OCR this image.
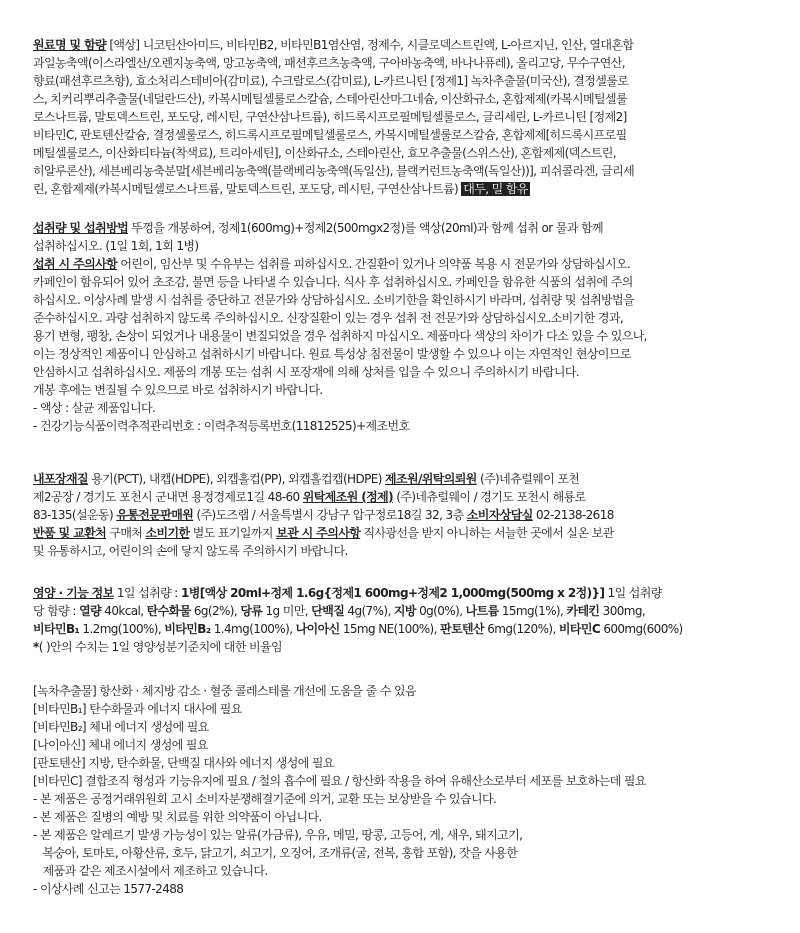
원료명 및 함량 [액상] 니코틴산아미드, 비타민B2, 비타민B1염산염, 정제수, 시클로덱스트린액, L-아르지닌, 인산, 열대혼합

과일농축액(이스라엘산/오렌지농축액, 망고농축액, 패션후르츠농축액, 구아바농축액, 바나나퓨레), 올리고당, 무수구연산,

향료(패션후르츠향), 효소처리스테비아(감미료), 수크랄로스(감미료), L-카르니틴 [정제1] 녹차추출물(미국산), 결정셀룰로

스, 치커리뿌리추출물(네덜란드산), 카복시메틸셀룰로스칼슘, 스테아린산마그네슘, 이산화규소, 혼합제제(카복시메틸셀룰

로스나트륨, 말토덱스트린, 포도당, 레시틴, 구연산삼나트륨), 히드록시프로필메틸셀룰로스, 글리세린, L-카르니틴 [정제2]

비타민C, 판토텐산칼슘, 결정셀룰로스, 히드록시프로필메틸셀룰로스, 카복시메틸셀룰로스칼슘, 혼합제제[히드록시프로필

메틸셀룰로스, 이산화티타늄(착색료), 트리아세틴], 이산화규소, 스테아린산, 효모추출물(스위스산), 혼합제제(덱스트린,

히알루론산), 세븐베리농축분말[세븐베리농축액(블랙베리농축액(독일산), 블랙커런트농축액(독일산))], 피쉬콜라겐, 글리세

린, 혼합제제(카복시메틸셀로스나트륨, 말토덱스트린, 포도당, 레시틴, 구연산삼나트륨) 대두, 밀 함유

섭취량 및 섭취방법 뚜껑을 개봉하여, 정제1(600mg)+정제2(500mgx2정)를 액상(20ml)과 함께 섭취 or 물과 함께

섭취하십시오. (1일 1회, 1회 1병)

섭취 시 주의사항 어린이, 임산부 및 수유부는 섭취를 피하십시오. 간질환이 있거나 의약품 복용 시 전문가와 상담하십시오.

카페인이 함유되어 있어 초조감, 불면 등을 나타낼 수 있습니다. 식사 후 섭취하십시오. 카페인을 함유한 식품의 섭취에 주의

하십시오. 이상사례 발생 시 섭취를 중단하고 전문가와 상담하십시오. 소비기한을 확인하시기 바라며, 섭취량 및 섭취방법을

준수하십시오. 과량 섭취하지 않도록 주의하십시오. 신장질환이 있는 경우 섭취 전 전문가와 상담하십시오.소비기한 경과,

용기 변형, 팽창, 손상이 되었거나 내용물이 변질되었을 경우 섭취하지 마십시오. 제품마다 색상의 차이가 다소 있을 수 있으나,

이는 정상적인 제품이니 안심하고 섭취하시기 바랍니다. 원료 특성상 침전물이 발생할 수 있으나 이는 자연적인 현상이므로

안심하시고 섭취하십시오. 제품의 개봉 또는 섭취 시 포장재에 의해 상처를 입을 수 있으니 주의하시기 바랍니다.

개봉 후에는 변질될 수 있으므로 바로 섭취하시기 바랍니다.

- 액상 : 살균 제품입니다.

- 건강기능식품이력추적관리번호 : 이력추적등록번호(11812525)+제조번호

내포장재질 용기(PCT), 내캡(HDPE), 외캡홀컵(PP), 외캡홀컵캡(HDPE) 제조원/위탁의뢰원 (주)네츄럴웨이 포천

제2공장 / 경기도 포천시 군내면 용정경제로1길 48-60 위탁제조원 (정제) (주)네츄럴웨이 / 경기도 포천시 해룡로

83-135(설운동) 유통전문판매원 (주)도즈랩 / 서울특별시 강남구 압구정로18길 32, 3층 소비자상담실 02-2138-2618

반품 및 교환처 구매처 소비기한 별도 표기일까지 보관 시 주의사항 직사광선을 받지 아니하는 서늘한 곳에서 실온 보관

및 유통하시고, 어린이의 손에 닿지 않도록 주의하시기 바랍니다.

영양 · 기능 정보 1일 섭취량 : 1병[액상 20ml+정제 1.6g{정제1 600mg+정제2 1,000mg(500mg x 2정)}] 1일 섭취량

당 함량 : 열량 40kcal, 탄수화물 6g(2%), 당류 1g 미만, 단백질 4g(7%), 지방 0g(0%), 나트륨 15mg(1%), 카테킨 300mg,

비타민B₁ 1.2mg(100%), 비타민B₂ 1.4mg(100%), 나이아신 15mg NE(100%), 판토텐산 6mg(120%), 비타민C 600mg(600%)

*( )안의 수치는 1일 영양성분기준치에 대한 비율임

[녹차추출물] 항산화 · 체지방 감소 · 혈중 콜레스테롤 개선에 도움을 줄 수 있음

[비타민B₁] 탄수화물과 에너지 대사에 필요

[비타민B₂] 체내 에너지 생성에 필요

[나이아신] 체내 에너지 생성에 필요

[판토텐산] 지방, 탄수화물, 단백질 대사와 에너지 생성에 필요

[비타민C] 결합조직 형성과 기능유지에 필요 / 철의 흡수에 필요 / 항산화 작용을 하여 유해산소로부터 세포를 보호하는데 필요

- 본 제품은 공정거래위원회 고시 소비자분쟁해결기준에 의거, 교환 또는 보상받을 수 있습니다.

- 본 제품은 질병의 예방 및 치료를 위한 의약품이 아닙니다.

- 본 제품은 알레르기 발생 가능성이 있는 알류(가금류), 우유, 메밀, 땅콩, 고등어, 게, 새우, 돼지고기,

복숭아, 토마토, 아황산류, 호두, 닭고기, 쇠고기, 오징어, 조개류(굴, 전복, 홍합 포함), 잣을 사용한

제품과 같은 제조시설에서 제조하고 있습니다.

- 이상사례 신고는 1577-2488
